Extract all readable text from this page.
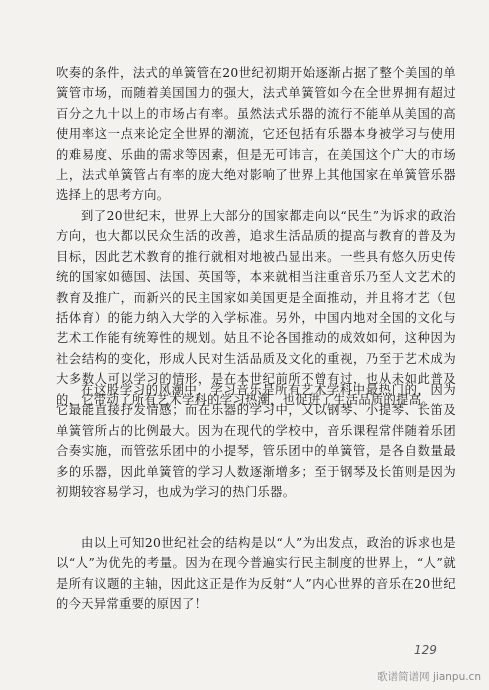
吹奏的条件，法式的单簧管在20世纪初期开始逐渐占据了整个美国的单簧管市场，而随着美国国力的强大，法式单簧管如今在全世界拥有超过百分之九十以上的市场占有率。虽然法式乐器的流行不能单从美国的高使用率这一点来论定全世界的潮流，它还包括有乐器本身被学习与使用的难易度、乐曲的需求等因素，但是无可讳言，在美国这个广大的市场上，法式单簧管占有率的庞大绝对影响了世界上其他国家在单簧管乐器选择上的思考方向。

到了20世纪末，世界上大部分的国家都走向以“民生”为诉求的政治方向，也大都以民众生活的改善，追求生活品质的提高与教育的普及为目标，因此艺术教育的推行就相对地被凸显出来。一些具有悠久历史传统的国家如德国、法国、英国等，本来就相当注重音乐乃至人文艺术的教育及推广，而新兴的民主国家如美国更是全面推动，并且将才艺（包括体育）的能力纳入大学的入学标准。另外，中国内地对全国的文化与艺术工作能有统筹性的规划。姑且不论各国推动的成效如何，这种因为社会结构的变化，形成人民对生活品质及文化的重视，乃至于艺术成为大多数人可以学习的情形，是在本世纪前所不曾有过，也从未如此普及的，它带动了所有艺术学科的学习热潮，也促进了生活品质的提高。

在这股学习的风潮中，学习音乐是所有艺术学科中最热门的，因为它最能直接抒发情感；而在乐器的学习中，又以钢琴、小提琴、长笛及单簧管所占的比例最大。因为在现代的学校中，音乐课程常伴随着乐团合奏实施，而管弦乐团中的小提琴，管乐团中的单簧管，是各自数量最多的乐器，因此单簧管的学习人数逐渐增多；至于钢琴及长笛则是因为初期较容易学习，也成为学习的热门乐器。

由以上可知20世纪社会的结构是以“人”为出发点，政治的诉求也是以“人”为优先的考量。因为在现今普遍实行民主制度的世界上，“人”就是所有议题的主轴，因此这正是作为反射“人”内心世界的音乐在20世纪的今天异常重要的原因了！

129
歌谱简谱网 jianpu.cn
